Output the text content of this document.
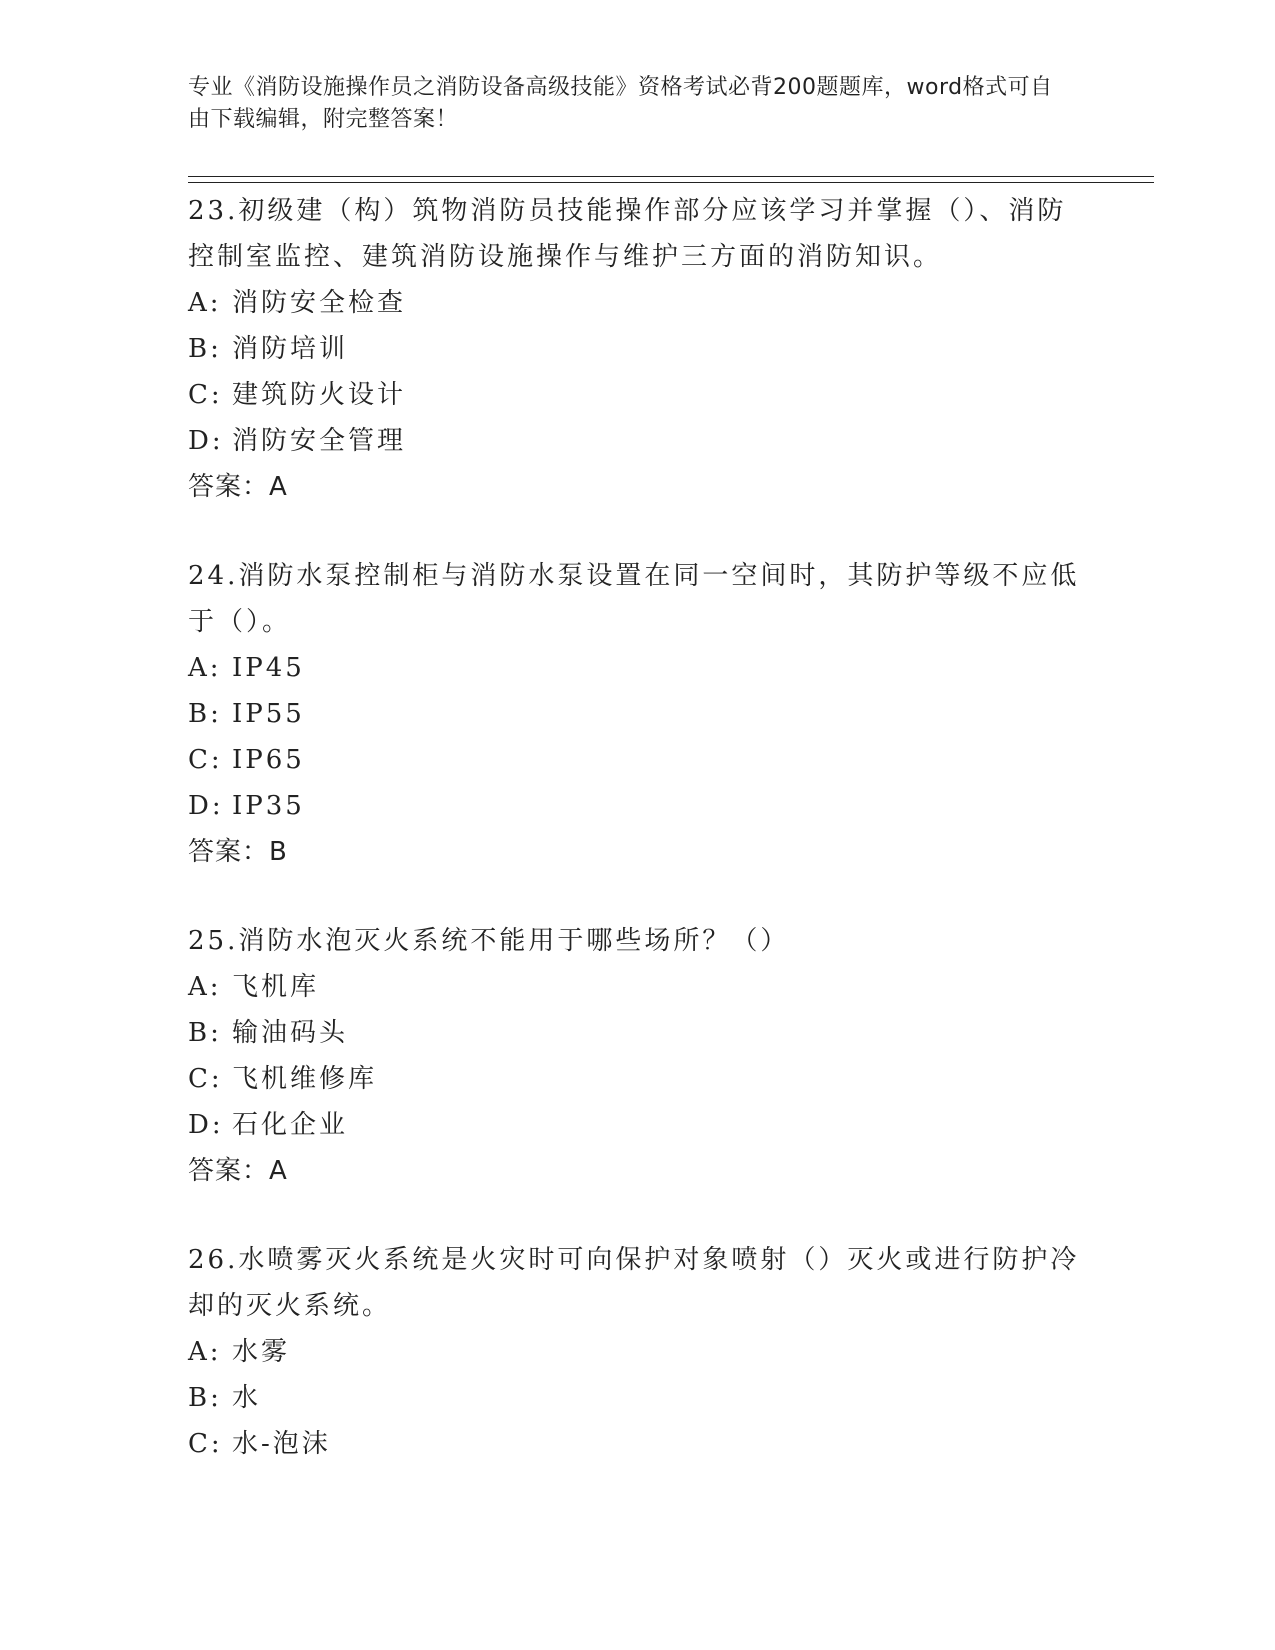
专业《消防设施操作员之消防设备高级技能》资格考试必背200题题库，word格式可自由下载编辑，附完整答案！

23.初级建（构）筑物消防员技能操作部分应该学习并掌握（）、消防控制室监控、建筑消防设施操作与维护三方面的消防知识。

A: 消防安全检查

B: 消防培训

C: 建筑防火设计

D: 消防安全管理

答案：A

24.消防水泵控制柜与消防水泵设置在同一空间时，其防护等级不应低于（）。

A: IP45

B: IP55

C: IP65

D: IP35

答案：B

25.消防水泡灭火系统不能用于哪些场所？（）

A: 飞机库

B: 输油码头

C: 飞机维修库

D: 石化企业

答案：A

26.水喷雾灭火系统是火灾时可向保护对象喷射（）灭火或进行防护冷却的灭火系统。

A: 水雾

B: 水

C: 水-泡沫
